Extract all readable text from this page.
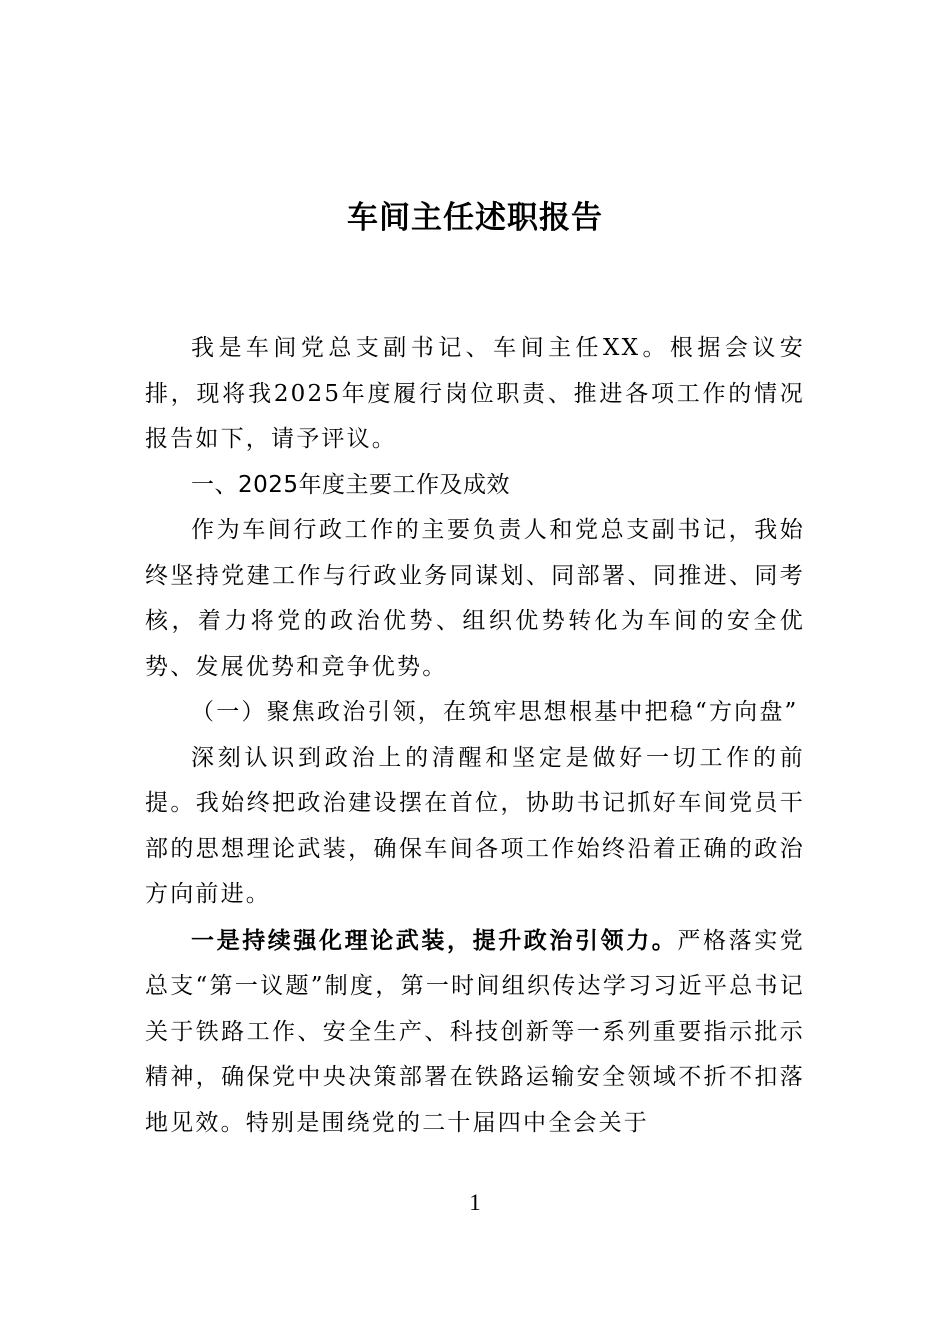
车间主任述职报告

我是车间党总支副书记、车间主任XX。根据会议安排，现将我2025年度履行岗位职责、推进各项工作的情况报告如下，请予评议。

一、2025年度主要工作及成效

作为车间行政工作的主要负责人和党总支副书记，我始终坚持党建工作与行政业务同谋划、同部署、同推进、同考核，着力将党的政治优势、组织优势转化为车间的安全优势、发展优势和竞争优势。

（一）聚焦政治引领，在筑牢思想根基中把稳“方向盘”

深刻认识到政治上的清醒和坚定是做好一切工作的前提。我始终把政治建设摆在首位，协助书记抓好车间党员干部的思想理论武装，确保车间各项工作始终沿着正确的政治方向前进。

一是持续强化理论武装，提升政治引领力。严格落实党总支“第一议题”制度，第一时间组织传达学习习近平总书记关于铁路工作、安全生产、科技创新等一系列重要指示批示精神，确保党中央决策部署在铁路运输安全领域不折不扣落地见效。特别是围绕党的二十届四中全会关于

1
